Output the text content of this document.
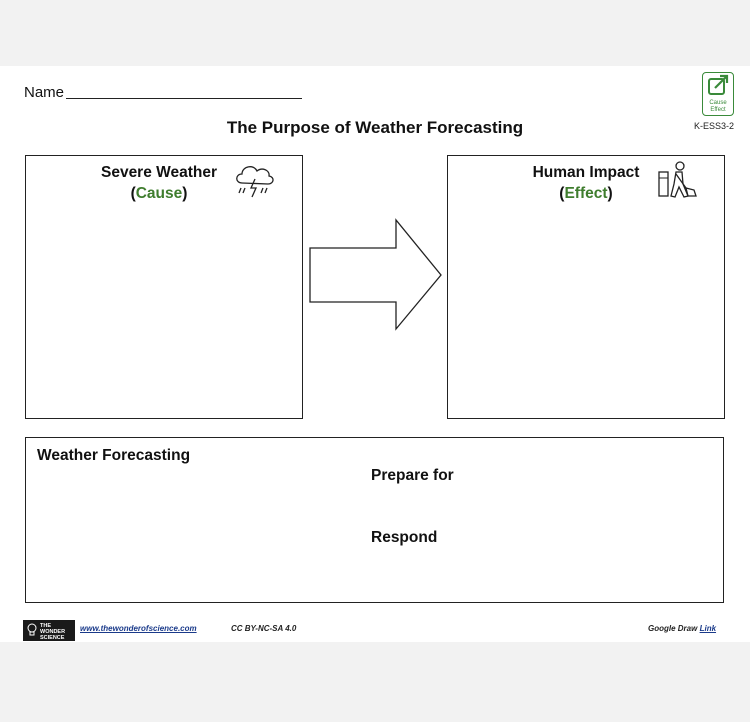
Name
Cause
Effect
K-ESS3-2
The Purpose of Weather Forecasting
Severe Weather
(Cause)
Human Impact
(Effect)
Weather Forecasting
Prepare for
Respond
THE
WONDER
SCIENCE
www.thewonderofscience.com	CC BY-NC-SA 4.0	Google Draw Link
